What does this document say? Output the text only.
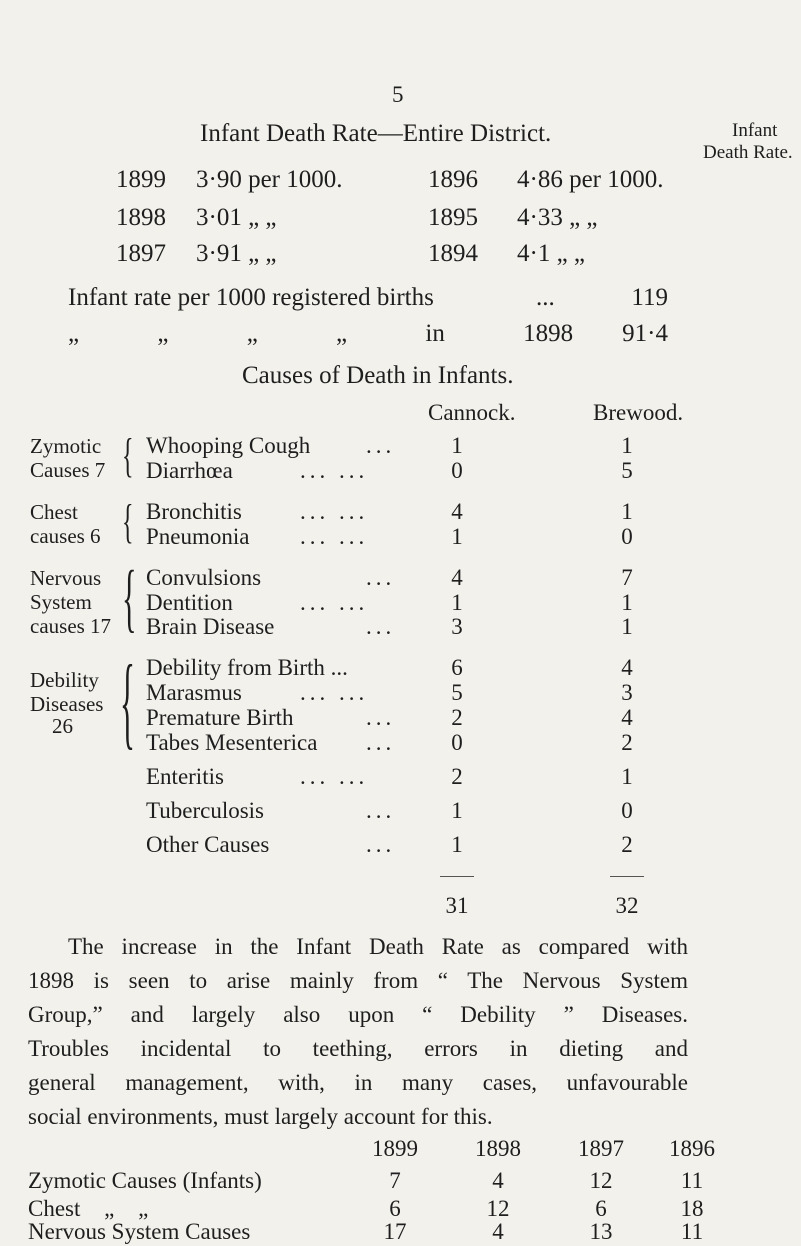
5
Infant
Death Rate.
Infant Death Rate—Entire District.
1899 3·90 per 1000.	1896 4·86 per 1000.
1898 3·01 „ „	1895 4·33 „ „
1897 3·91 „ „	1894 4·1 „ „
Infant rate per 1000 registered births	...	119
„ „ „ „ in 1898	91·4
Causes of Death in Infants.
Cannock.	Brewood.
Zymotic
Causes 7 { Whooping Cough ...	1	1
Diarrhœa	... ...	0	5
Chest
causes 6 { Bronchitis	... ...	4	1
Pneumonia ... ...	1	0
Nervous
System
causes 17 { Convulsions	...	4	7
Dentition	... ...	1	1
Brain Disease	...	3	1
Debility
Diseases
26 { Debility from Birth ...	6	4
Marasmus	... ...	5	3
Premature Birth	...	2	4
Tabes Mesenterica ...	0	2
Enteritis	... ...	2	1
Tuberculosis	...	1	0
Other Causes	...	1	2
31	32
The increase in the Infant Death Rate as compared with
1898 is seen to arise mainly from “ The Nervous System
Group,” and largely also upon “ Debility ” Diseases.
Troubles incidental to teething, errors in dieting and
general management, with, in many cases, unfavourable
social environments, must largely account for this.
1899	1898	1897	1896
Zymotic Causes (Infants)	7	4	12	11
Chest „ „	6	12	6	18
Nervous System Causes	17	4	13	11
